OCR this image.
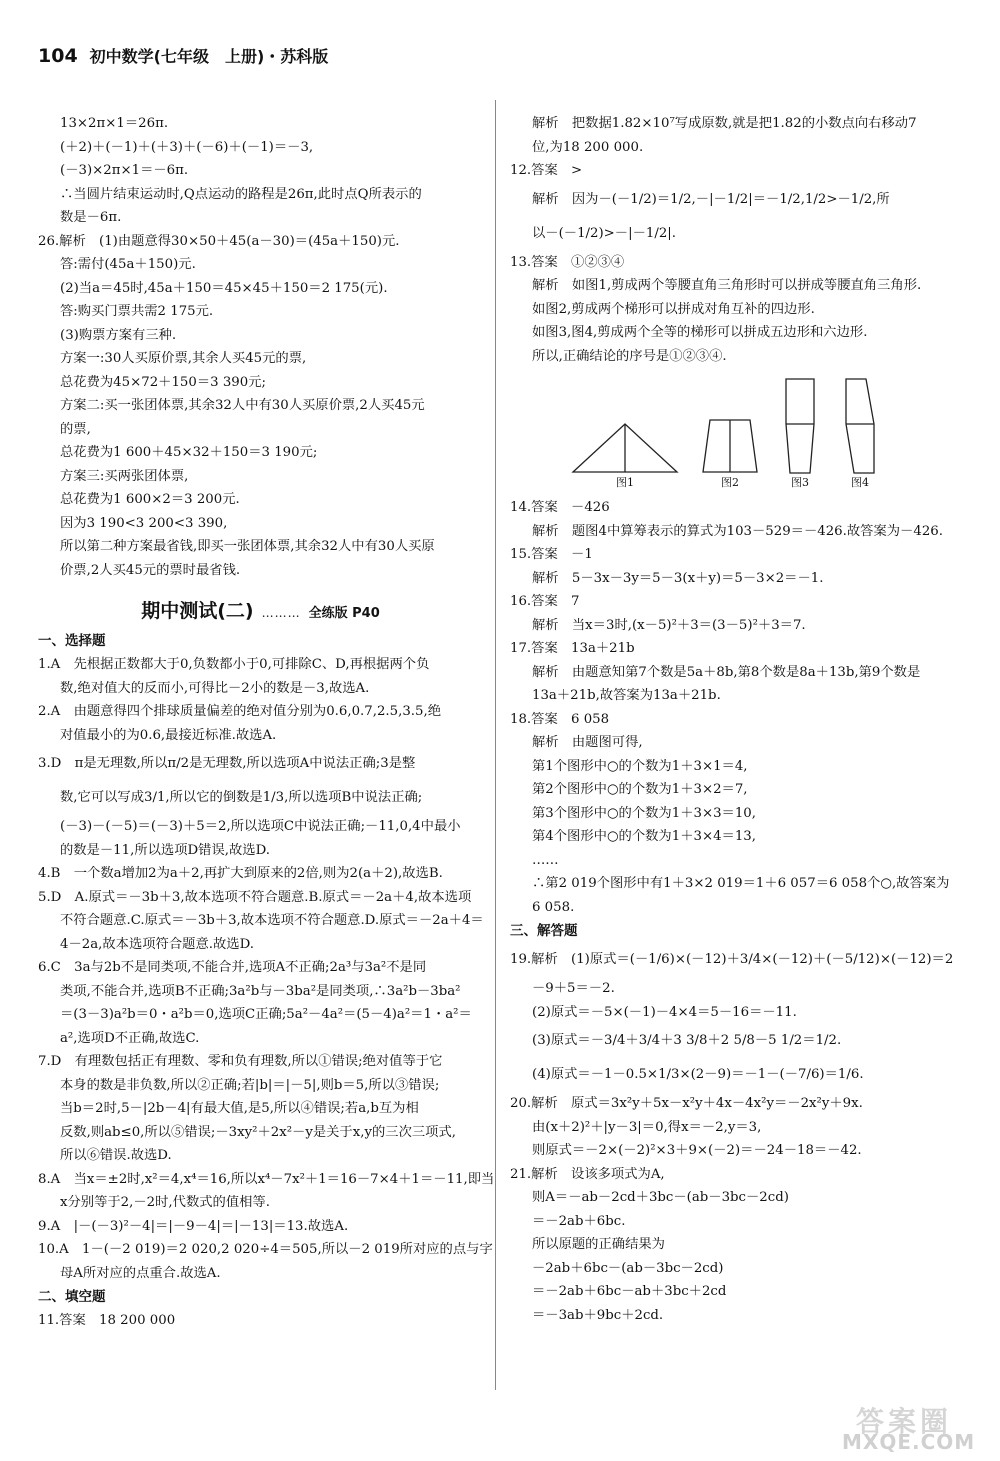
104 初中数学(七年级　上册)・苏科版
13×2π×1＝26π.
(＋2)＋(－1)＋(＋3)＋(－6)＋(－1)＝－3,
(－3)×2π×1＝－6π.
∴当圆片结束运动时,Q点运动的路程是26π,此时点Q所表示的
数是－6π.
26.解析　(1)由题意得30×50＋45(a－30)＝(45a＋150)元.
答:需付(45a＋150)元.
(2)当a＝45时,45a＋150＝45×45＋150＝2 175(元).
答:购买门票共需2 175元.
(3)购票方案有三种.
方案一:30人买原价票,其余人买45元的票,
总花费为45×72＋150＝3 390元;
方案二:买一张团体票,其余32人中有30人买原价票,2人买45元
的票,
总花费为1 600＋45×32＋150＝3 190元;
方案三:买两张团体票,
总花费为1 600×2＝3 200元.
因为3 190<3 200<3 390,
所以第二种方案最省钱,即买一张团体票,其余32人中有30人买原
价票,2人买45元的票时最省钱.
期中测试(二) ……… 全练版 P40
一、选择题
1.A　先根据正数都大于0,负数都小于0,可排除C、D,再根据两个负
数,绝对值大的反而小,可得比－2小的数是－3,故选A.
2.A　由题意得四个排球质量偏差的绝对值分别为0.6,0.7,2.5,3.5,绝
对值最小的为0.6,最接近标准.故选A.
3.D　π是无理数,所以π/2是无理数,所以选项A中说法正确;3是整
数,它可以写成3/1,所以它的倒数是1/3,所以选项B中说法正确;
(－3)－(－5)＝(－3)＋5＝2,所以选项C中说法正确;－11,0,4中最小
的数是－11,所以选项D错误,故选D.
4.B　一个数a增加2为a＋2,再扩大到原来的2倍,则为2(a＋2),故选B.
5.D　A.原式＝－3b＋3,故本选项不符合题意.B.原式＝－2a＋4,故本选项
不符合题意.C.原式＝－3b＋3,故本选项不符合题意.D.原式＝－2a＋4＝
4－2a,故本选项符合题意.故选D.
6.C　3a与2b不是同类项,不能合并,选项A不正确;2a³与3a²不是同
类项,不能合并,选项B不正确;3a²b与－3ba²是同类项,∴3a²b－3ba²
＝(3－3)a²b＝0・a²b＝0,选项C正确;5a²－4a²＝(5－4)a²＝1・a²＝
a²,选项D不正确,故选C.
7.D　有理数包括正有理数、零和负有理数,所以①错误;绝对值等于它
本身的数是非负数,所以②正确;若|b|＝|－5|,则b＝5,所以③错误;
当b＝2时,5－|2b－4|有最大值,是5,所以④错误;若a,b互为相
反数,则ab≤0,所以⑤错误;－3xy²＋2x²－y是关于x,y的三次三项式,
所以⑥错误.故选D.
8.A　当x＝±2时,x²＝4,x⁴＝16,所以x⁴－7x²＋1＝16－7×4＋1＝－11,即当
x分别等于2,－2时,代数式的值相等.
9.A　|－(－3)²－4|＝|－9－4|＝|－13|＝13.故选A.
10.A　1－(－2 019)＝2 020,2 020÷4＝505,所以－2 019所对应的点与字
母A所对应的点重合.故选A.
二、填空题
11.答案　18 200 000
解析　把数据1.82×10⁷写成原数,就是把1.82的小数点向右移动7
位,为18 200 000.
12.答案　>
解析　因为－(－1/2)＝1/2,－|－1/2|＝－1/2,1/2>－1/2,所
以－(－1/2)>－|－1/2|.
13.答案　①②③④
解析　如图1,剪成两个等腰直角三角形时可以拼成等腰直角三角形.
如图2,剪成两个梯形可以拼成对角互补的四边形.
如图3,图4,剪成两个全等的梯形可以拼成五边形和六边形.
所以,正确结论的序号是①②③④.
图1	图2	图3	图4
14.答案　－426
解析　题图4中算筹表示的算式为103－529＝－426.故答案为－426.
15.答案　－1
解析　5－3x－3y＝5－3(x＋y)＝5－3×2＝－1.
16.答案　7
解析　当x＝3时,(x－5)²＋3＝(3－5)²＋3＝7.
17.答案　13a＋21b
解析　由题意知第7个数是5a＋8b,第8个数是8a＋13b,第9个数是
13a＋21b,故答案为13a＋21b.
18.答案　6 058
解析　由题图可得,
第1个图形中○的个数为1＋3×1＝4,
第2个图形中○的个数为1＋3×2＝7,
第3个图形中○的个数为1＋3×3＝10,
第4个图形中○的个数为1＋3×4＝13,
……
∴第2 019个图形中有1＋3×2 019＝1＋6 057＝6 058个○,故答案为
6 058.
三、解答题
19.解析　(1)原式＝(－1/6)×(－12)＋3/4×(－12)＋(－5/12)×(－12)＝2
－9＋5＝－2.
(2)原式＝－5×(－1)－4×4＝5－16＝－11.
(3)原式＝－3/4＋3/4＋3 3/8＋2 5/8－5 1/2＝1/2.
(4)原式＝－1－0.5×1/3×(2－9)＝－1－(－7/6)＝1/6.
20.解析　原式＝3x²y＋5x－x²y＋4x－4x²y＝－2x²y＋9x.
由(x＋2)²＋|y－3|＝0,得x＝－2,y＝3,
则原式＝－2×(－2)²×3＋9×(－2)＝－24－18＝－42.
21.解析　设该多项式为A,
则A＝－ab－2cd＋3bc－(ab－3bc－2cd)
＝－2ab＋6bc.
所以原题的正确结果为
－2ab＋6bc－(ab－3bc－2cd)
＝－2ab＋6bc－ab＋3bc＋2cd
＝－3ab＋9bc＋2cd.
答案圈
MXQE.COM
